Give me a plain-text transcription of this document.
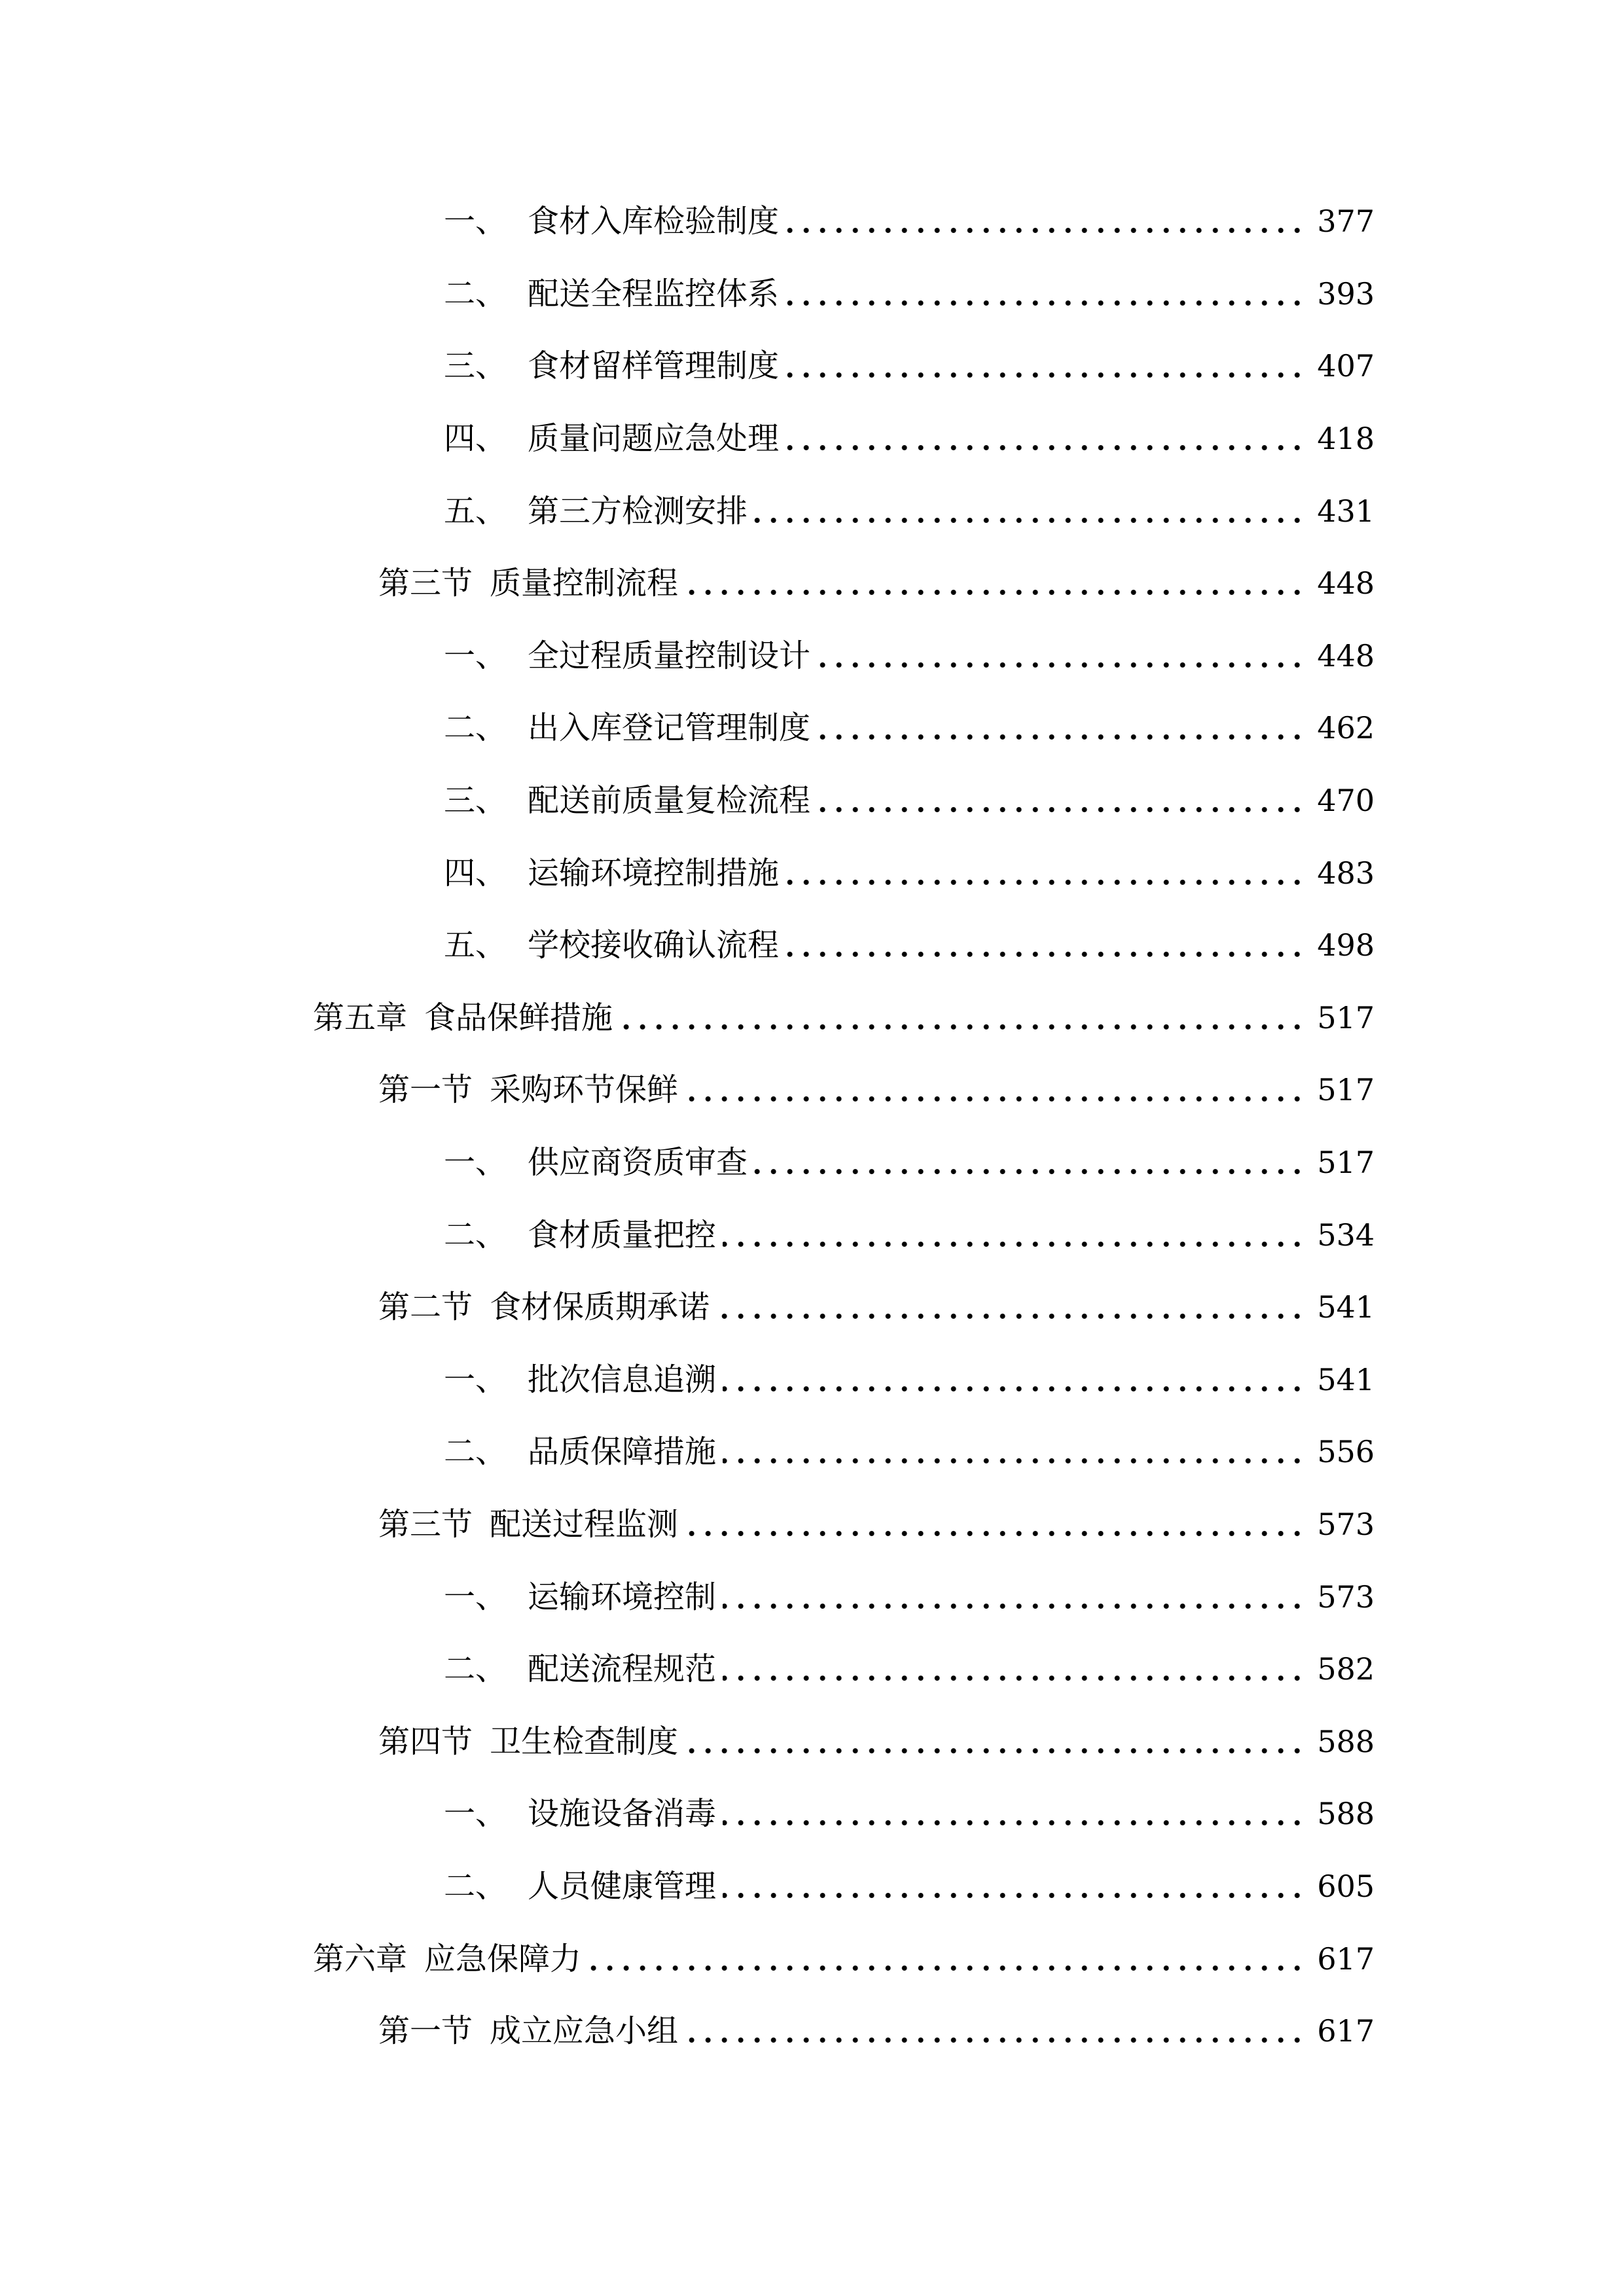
一、 食材入库检验制度	377
二、 配送全程监控体系	393
三、 食材留样管理制度	407
四、 质量问题应急处理	418
五、 第三方检测安排	431
第三节 质量控制流程	448
一、 全过程质量控制设计	448
二、 出入库登记管理制度	462
三、 配送前质量复检流程	470
四、 运输环境控制措施	483
五、 学校接收确认流程	498
第五章 食品保鲜措施	517
第一节 采购环节保鲜	517
一、 供应商资质审查	517
二、 食材质量把控	534
第二节 食材保质期承诺	541
一、 批次信息追溯	541
二、 品质保障措施	556
第三节 配送过程监测	573
一、 运输环境控制	573
二、 配送流程规范	582
第四节 卫生检查制度	588
一、 设施设备消毒	588
二、 人员健康管理	605
第六章 应急保障力	617
第一节 成立应急小组	617
